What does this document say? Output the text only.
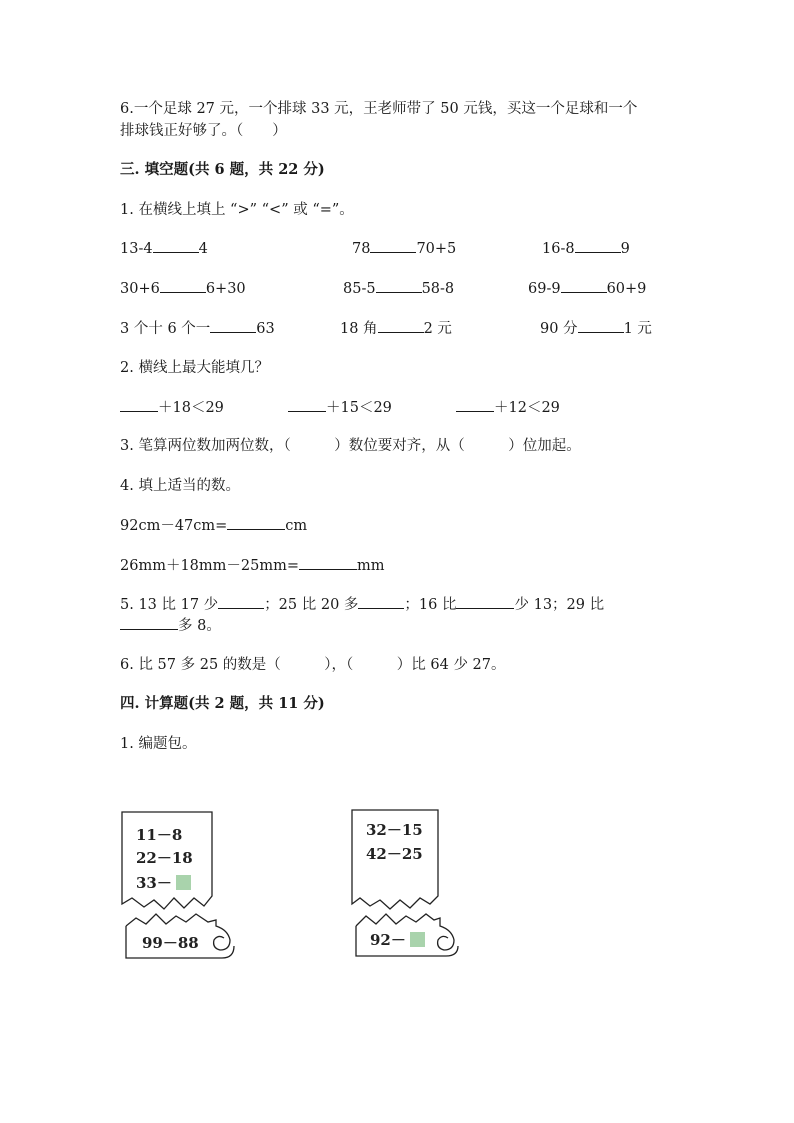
6.一个足球 27 元，一个排球 33 元，王老师带了 50 元钱，买这一个足球和一个
排球钱正好够了。（　　）
三. 填空题(共 6 题，共 22 分)
1. 在横线上填上 “>” “<” 或 “=”。
13-4	4	78	70+5	16-8	9
30+6	6+30	85-5	58-8	69-9	60+9
3 个十 6 个一	63	18 角	2 元	90 分	1 元
2. 横线上最大能填几？
＋18＜29	＋15＜29	＋12＜29
3. 笔算两位数加两位数，（　　　）数位要对齐，从（　　　）位加起。
4. 填上适当的数。
92cm－47cm=	cm
26mm＋18mm－25mm=	mm
5. 13 比 17 少	；25 比 20 多	；16 比	少 13；29 比
多 8。
6. 比 57 多 25 的数是（　　　），（　　　）比 64 少 27。
四. 计算题(共 2 题，共 11 分)
1. 编题包。
11－8
22－18
33－
99－88
32－15
42－25
92－
